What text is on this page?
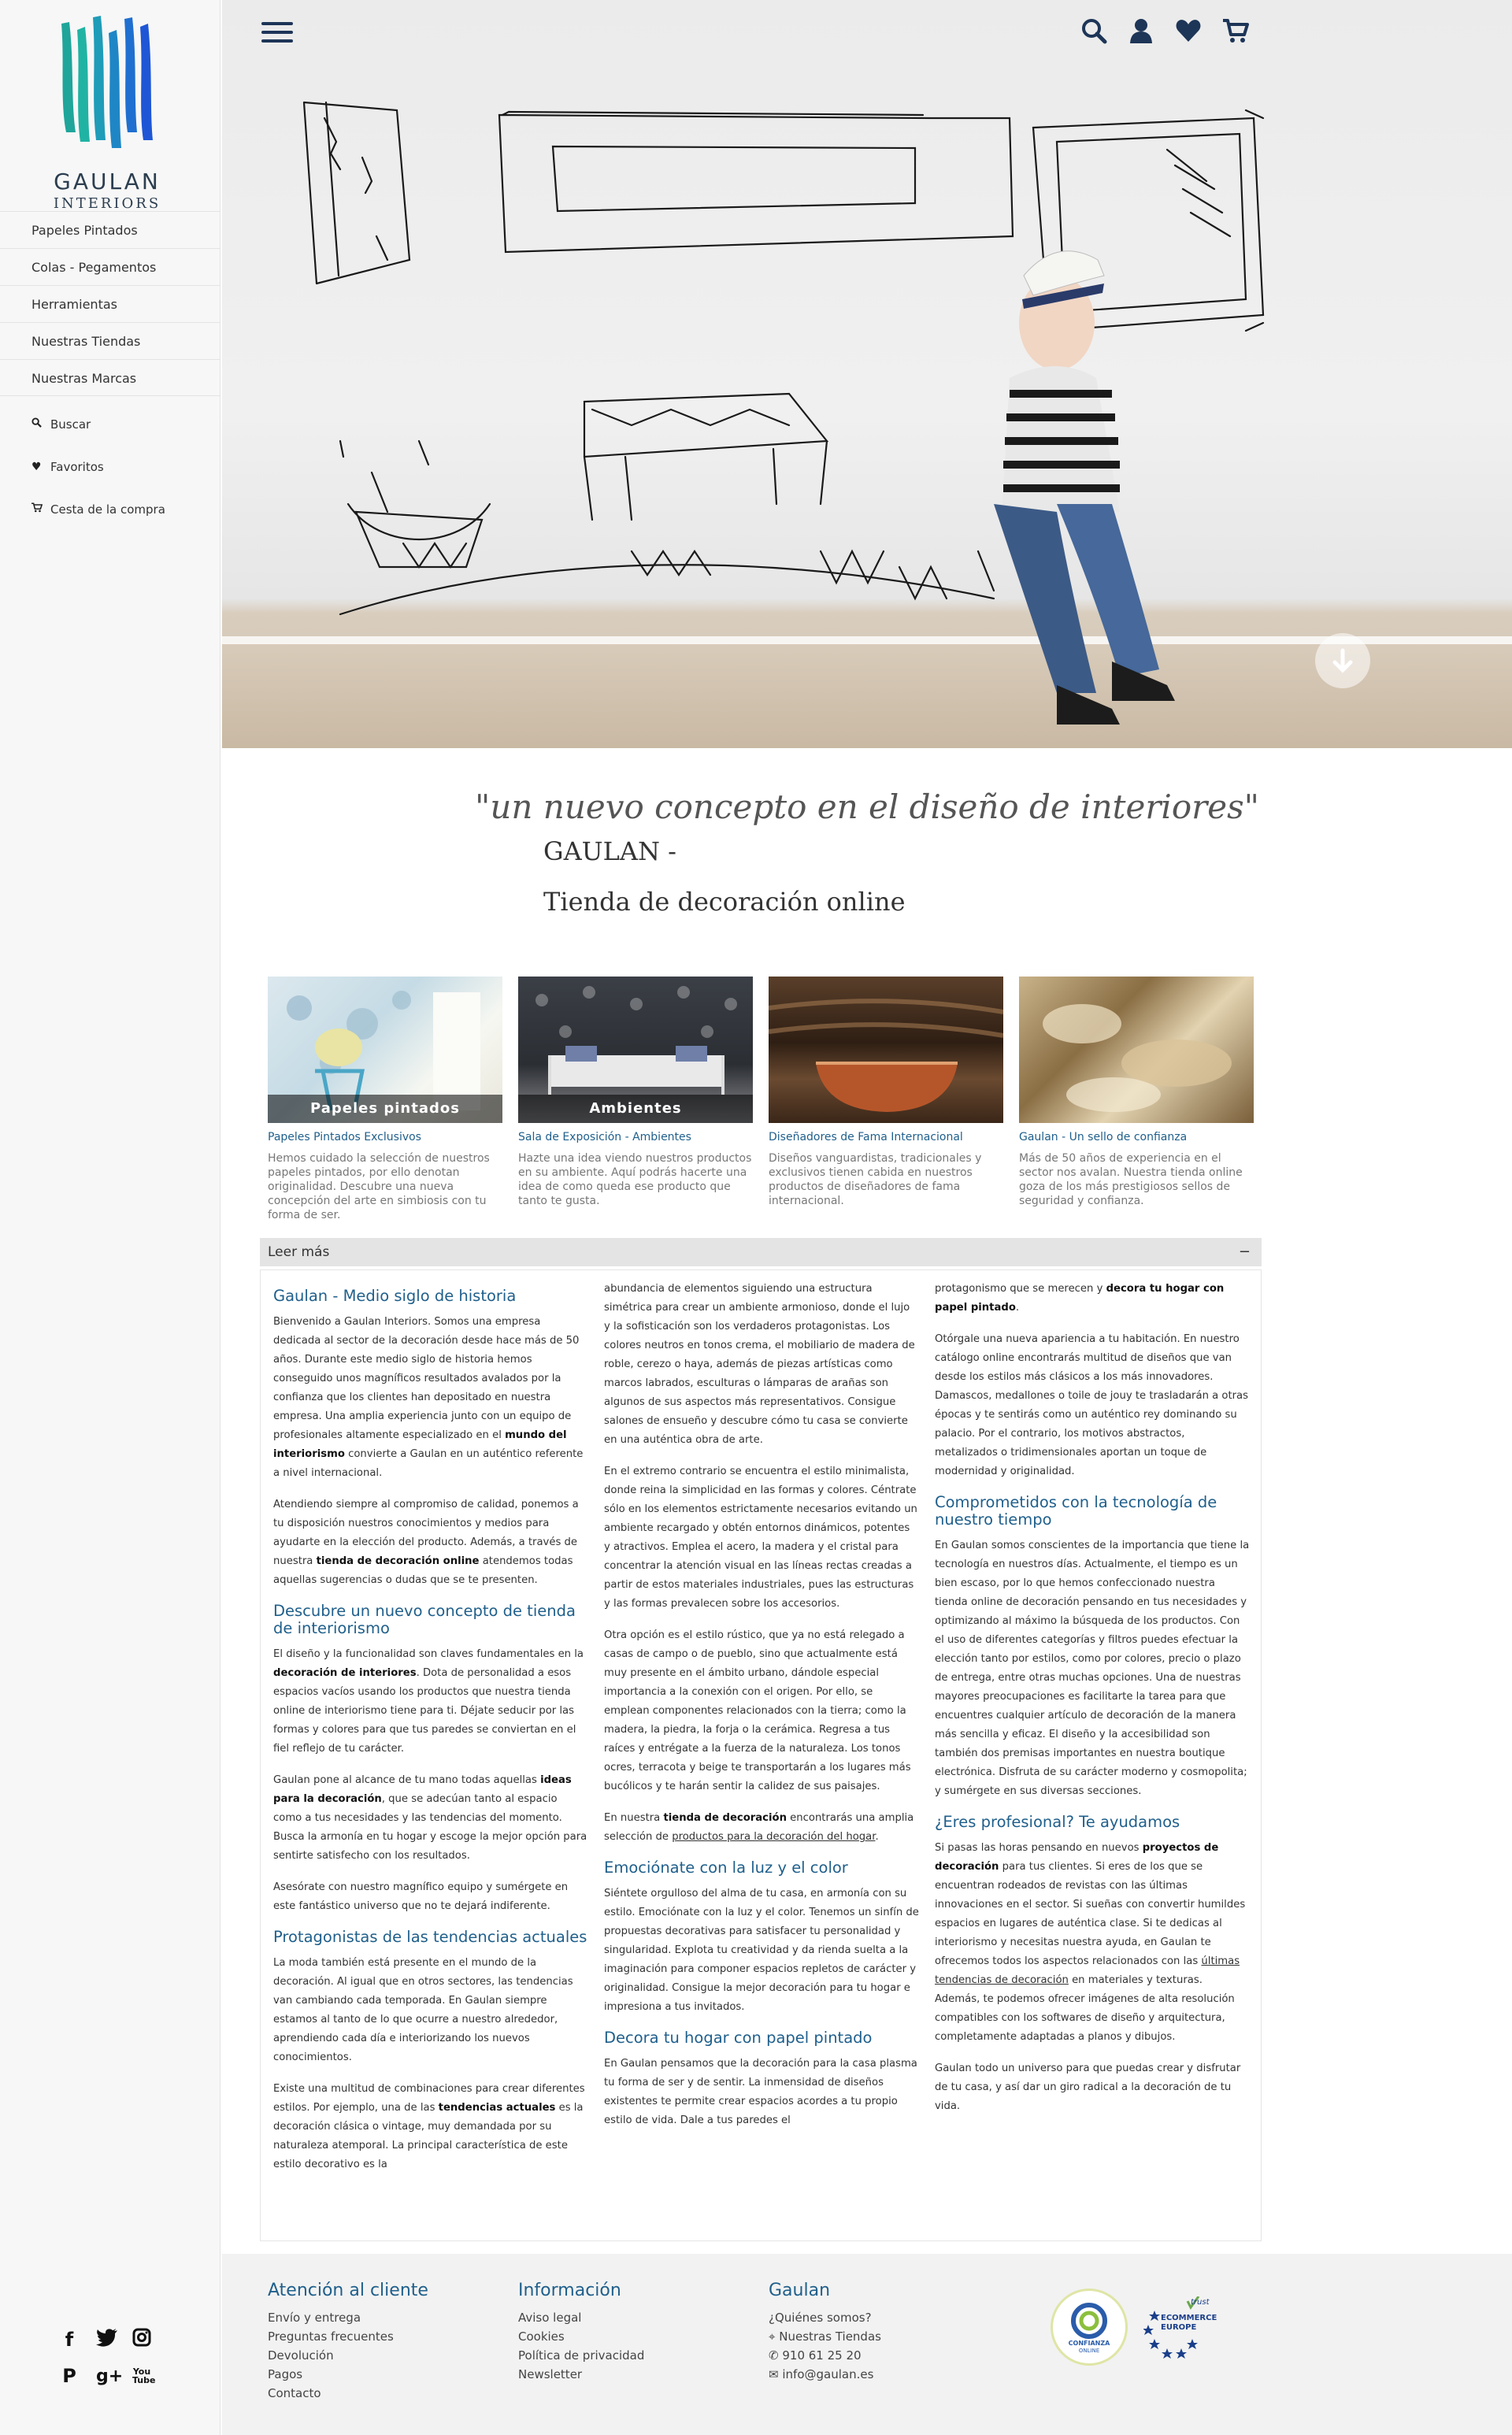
GAULAN
INTERIORS
Papeles Pintados
Colas - Pegamentos
Herramientas
Nuestras Tiendas
Nuestras Marcas
Buscar
♥ Favoritos
Cesta de la compra
f
P g+ You
Tube
"un nuevo concepto en el diseño de interiores"
GAULAN -
Tienda de decoración online
Papeles pintados
Papeles Pintados Exclusivos
Hemos cuidado la selección de nuestros papeles pintados, por ello denotan originalidad. Descubre una nueva concepción del arte en simbiosis con tu forma de ser.
Ambientes
Sala de Exposición - Ambientes
Hazte una idea viendo nuestros productos en su ambiente. Aquí podrás hacerte una idea de como queda ese producto que tanto te gusta.
Diseñadores de Fama Internacional
Diseños vanguardistas, tradicionales y exclusivos tienen cabida en nuestros productos de diseñadores de fama internacional.
Gaulan - Un sello de confianza
Más de 50 años de experiencia en el sector nos avalan. Nuestra tienda online goza de los más prestigiosos sellos de seguridad y confianza.
Leer más	−
Gaulan - Medio siglo de historia

Bienvenido a Gaulan Interiors. Somos una empresa dedicada al sector de la decoración desde hace más de 50 años. Durante este medio siglo de historia hemos conseguido unos magníficos resultados avalados por la confianza que los clientes han depositado en nuestra empresa. Una amplia experiencia junto con un equipo de profesionales altamente especializado en el mundo del interiorismo convierte a Gaulan en un auténtico referente a nivel internacional.

Atendiendo siempre al compromiso de calidad, ponemos a tu disposición nuestros conocimientos y medios para ayudarte en la elección del producto. Además, a través de nuestra tienda de decoración online atendemos todas aquellas sugerencias o dudas que se te presenten.

Descubre un nuevo concepto de tienda de interiorismo

El diseño y la funcionalidad son claves fundamentales en la decoración de interiores. Dota de personalidad a esos espacios vacíos usando los productos que nuestra tienda online de interiorismo tiene para ti. Déjate seducir por las formas y colores para que tus paredes se conviertan en el fiel reflejo de tu carácter.

Gaulan pone al alcance de tu mano todas aquellas ideas para la decoración, que se adecúan tanto al espacio como a tus necesidades y las tendencias del momento. Busca la armonía en tu hogar y escoge la mejor opción para sentirte satisfecho con los resultados.

Asesórate con nuestro magnífico equipo y sumérgete en este fantástico universo que no te dejará indiferente.

Protagonistas de las tendencias actuales

La moda también está presente en el mundo de la decoración. Al igual que en otros sectores, las tendencias van cambiando cada temporada. En Gaulan siempre estamos al tanto de lo que ocurre a nuestro alrededor, aprendiendo cada día e interiorizando los nuevos conocimientos.

Existe una multitud de combinaciones para crear diferentes estilos. Por ejemplo, una de las tendencias actuales es la decoración clásica o vintage, muy demandada por su naturaleza atemporal. La principal característica de este estilo decorativo es la

abundancia de elementos siguiendo una estructura simétrica para crear un ambiente armonioso, donde el lujo y la sofisticación son los verdaderos protagonistas. Los colores neutros en tonos crema, el mobiliario de madera de roble, cerezo o haya, además de piezas artísticas como marcos labrados, esculturas o lámparas de arañas son algunos de sus aspectos más representativos. Consigue salones de ensueño y descubre cómo tu casa se convierte en una auténtica obra de arte.

En el extremo contrario se encuentra el estilo minimalista, donde reina la simplicidad en las formas y colores. Céntrate sólo en los elementos estrictamente necesarios evitando un ambiente recargado y obtén entornos dinámicos, potentes y atractivos. Emplea el acero, la madera y el cristal para concentrar la atención visual en las líneas rectas creadas a partir de estos materiales industriales, pues las estructuras y las formas prevalecen sobre los accesorios.

Otra opción es el estilo rústico, que ya no está relegado a casas de campo o de pueblo, sino que actualmente está muy presente en el ámbito urbano, dándole especial importancia a la conexión con el origen. Por ello, se emplean componentes relacionados con la tierra; como la madera, la piedra, la forja o la cerámica. Regresa a tus raíces y entrégate a la fuerza de la naturaleza. Los tonos ocres, terracota y beige te transportarán a los lugares más bucólicos y te harán sentir la calidez de sus paisajes.

En nuestra tienda de decoración encontrarás una amplia selección de productos para la decoración del hogar.

Emociónate con la luz y el color

Siéntete orgulloso del alma de tu casa, en armonía con su estilo. Emociónate con la luz y el color. Tenemos un sinfín de propuestas decorativas para satisfacer tu personalidad y singularidad. Explota tu creatividad y da rienda suelta a la imaginación para componer espacios repletos de carácter y originalidad. Consigue la mejor decoración para tu hogar e impresiona a tus invitados.

Decora tu hogar con papel pintado

En Gaulan pensamos que la decoración para la casa plasma tu forma de ser y de sentir. La inmensidad de diseños existentes te permite crear espacios acordes a tu propio estilo de vida. Dale a tus paredes el

protagonismo que se merecen y decora tu hogar con papel pintado.

Otórgale una nueva apariencia a tu habitación. En nuestro catálogo online encontrarás multitud de diseños que van desde los estilos más clásicos a los más innovadores. Damascos, medallones o toile de jouy te trasladarán a otras épocas y te sentirás como un auténtico rey dominando su palacio. Por el contrario, los motivos abstractos, metalizados o tridimensionales aportan un toque de modernidad y originalidad.

Comprometidos con la tecnología de nuestro tiempo

En Gaulan somos conscientes de la importancia que tiene la tecnología en nuestros días. Actualmente, el tiempo es un bien escaso, por lo que hemos confeccionado nuestra tienda online de decoración pensando en tus necesidades y optimizando al máximo la búsqueda de los productos. Con el uso de diferentes categorías y filtros puedes efectuar la elección tanto por estilos, como por colores, precio o plazo de entrega, entre otras muchas opciones. Una de nuestras mayores preocupaciones es facilitarte la tarea para que encuentres cualquier artículo de decoración de la manera más sencilla y eficaz. El diseño y la accesibilidad son también dos premisas importantes en nuestra boutique electrónica. Disfruta de su carácter moderno y cosmopolita; y sumérgete en sus diversas secciones.

¿Eres profesional? Te ayudamos

Si pasas las horas pensando en nuevos proyectos de decoración para tus clientes. Si eres de los que se encuentran rodeados de revistas con las últimas innovaciones en el sector. Si sueñas con convertir humildes espacios en lugares de auténtica clase. Si te dedicas al interiorismo y necesitas nuestra ayuda, en Gaulan te ofrecemos todos los aspectos relacionados con las últimas tendencias de decoración en materiales y texturas. Además, te podemos ofrecer imágenes de alta resolución compatibles con los softwares de diseño y arquitectura, completamente adaptadas a planos y dibujos.

Gaulan todo un universo para que puedas crear y disfrutar de tu casa, y así dar un giro radical a la decoración de tu vida.

Atención al cliente
Envío y entrega
Preguntas frecuentes
Devolución
Pagos
Contacto
Información
Aviso legal
Cookies
Política de privacidad
Newsletter
Gaulan
¿Quiénes somos?
⌖ Nuestras Tiendas
✆ 910 61 25 20
✉ info@gaulan.es
CONFIANZA
ONLINE
trust
ECOMMERCE
EUROPE
